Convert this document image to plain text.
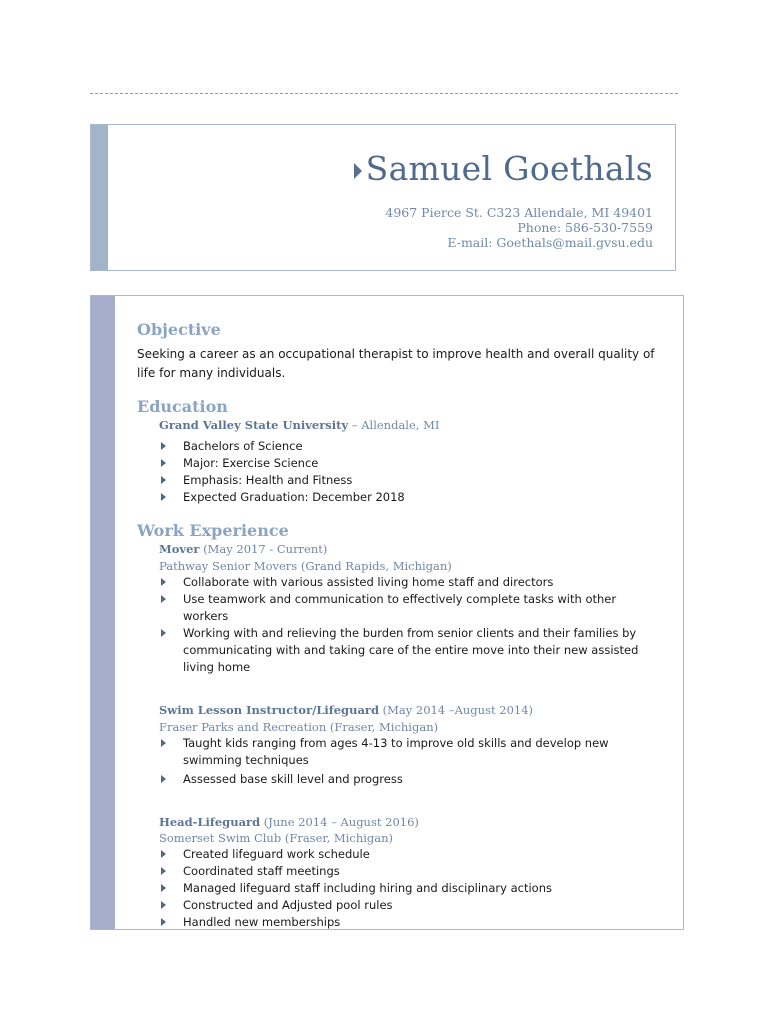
Samuel Goethals
4967 Pierce St. C323 Allendale, MI 49401
Phone: 586-530-7559
E-mail: Goethals@mail.gvsu.edu
Objective
Seeking a career as an occupational therapist to improve health and overall quality of life for many individuals.
Education
Grand Valley State University – Allendale, MI
Bachelors of Science
Major: Exercise Science
Emphasis: Health and Fitness
Expected Graduation: December 2018
Work Experience
Mover (May 2017 - Current)
Pathway Senior Movers (Grand Rapids, Michigan)
Collaborate with various assisted living home staff and directors
Use teamwork and communication to effectively complete tasks with other workers
Working with and relieving the burden from senior clients and their families by communicating with and taking care of the entire move into their new assisted living home
Swim Lesson Instructor/Lifeguard (May 2014 –August 2014)
Fraser Parks and Recreation (Fraser, Michigan)
Taught kids ranging from ages 4-13 to improve old skills and develop new swimming techniques
Assessed base skill level and progress
Head-Lifeguard (June 2014 – August 2016)
Somerset Swim Club (Fraser, Michigan)
Created lifeguard work schedule
Coordinated staff meetings
Managed lifeguard staff including hiring and disciplinary actions
Constructed and Adjusted pool rules
Handled new memberships
